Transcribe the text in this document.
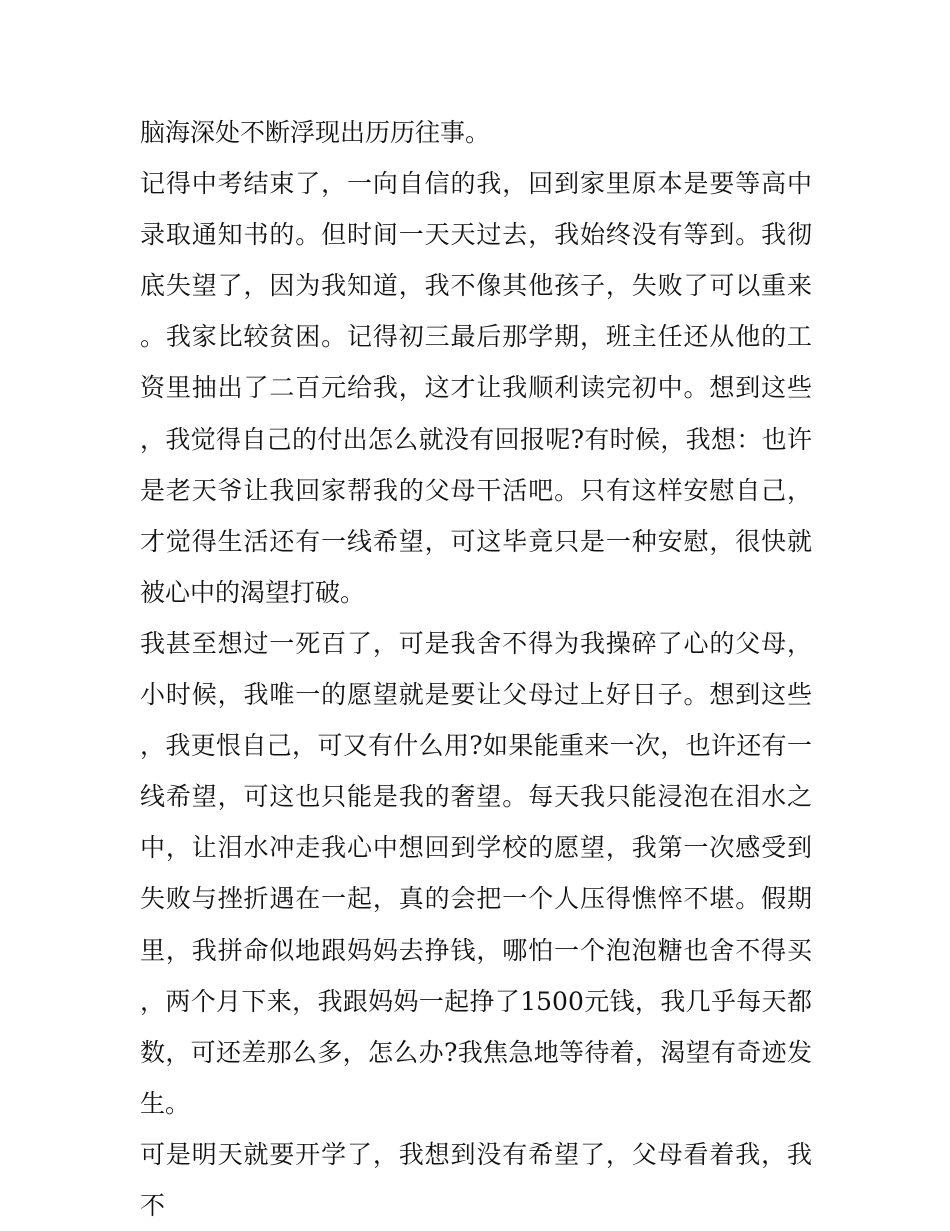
脑海深处不断浮现出历历往事。

记得中考结束了，一向自信的我，回到家里原本是要等高中录取通知书的。但时间一天天过去，我始终没有等到。我彻底失望了，因为我知道，我不像其他孩子，失败了可以重来。我家比较贫困。记得初三最后那学期，班主任还从他的工资里抽出了二百元给我，这才让我顺利读完初中。想到这些，我觉得自己的付出怎么就没有回报呢?有时候，我想：也许是老天爷让我回家帮我的父母干活吧。只有这样安慰自己，才觉得生活还有一线希望，可这毕竟只是一种安慰，很快就被心中的渴望打破。

我甚至想过一死百了，可是我舍不得为我操碎了心的父母，小时候，我唯一的愿望就是要让父母过上好日子。想到这些，我更恨自己，可又有什么用?如果能重来一次，也许还有一线希望，可这也只能是我的奢望。每天我只能浸泡在泪水之中，让泪水冲走我心中想回到学校的愿望，我第一次感受到失败与挫折遇在一起，真的会把一个人压得憔悴不堪。假期里，我拼命似地跟妈妈去挣钱，哪怕一个泡泡糖也舍不得买，两个月下来，我跟妈妈一起挣了1500元钱，我几乎每天都数，可还差那么多，怎么办?我焦急地等待着，渴望有奇迹发生。

可是明天就要开学了，我想到没有希望了，父母看着我，我不
